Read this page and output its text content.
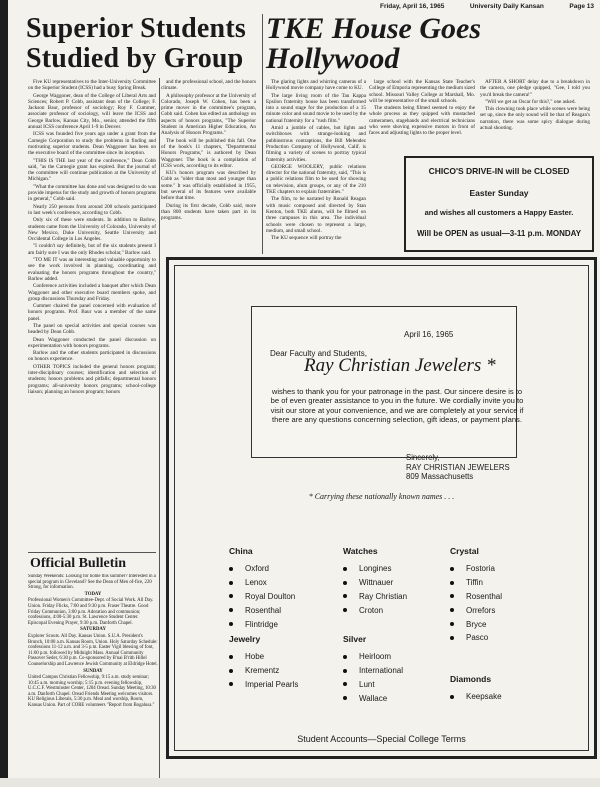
Friday, April 16, 1965	University Daily Kansan	Page 13
Superior Students
Studied by Group
TKE House Goes Hollywood

Five KU representatives to the Inter-University Committee on the Superior Student (ICSS) had a busy Spring Break.

George Waggoner, dean of the College of Liberal Arts and Sciences; Robert P. Cobb, assistant dean of the College; F. Jackson Baur, professor of sociology; Roy F. Cummer, associate professor of sociology, will leave the ICSS and George Barlow, Kansas City, Mo., senior, attended the fifth annual ICSS conference April 1-9 in Denver.

ICSS was founded five years ago under a grant from the Carnegie Corporation to study the problems in finding and motivating superior students. Dean Waggoner has been on the executive board of the committee since its inception.

"THIS IS THE last year of the conference," Dean Cobb said, "as the Carnegie grant has expired. But the journal of the committee will continue publication at the University of Michigan."

"What the committee has done and was designed to do was provide impetus for the study and growth of honors programs in general," Cobb said.

Nearly 250 persons from around 200 schools participated in last week's conference, according to Cobb.

Only six of these were students. In addition to Barlow, students came from the University of Colorado, University of New Mexico, Duke University, Seattle University and Occidental College in Los Angeles.

"I couldn't say definitely, but of the six students present I am fairly sure I was the only Rhodes scholar," Barlow said.

"TO ME IT was an interesting and valuable opportunity to see the work involved in planning, coordinating and evaluating the honors programs throughout the country," Barlow added.

Conference activities included a banquet after which Dean Waggoner and other executive board members spoke, and group discussions Thursday and Friday.

Cummer chaired the panel concerned with evaluation of honors programs. Prof. Baur was a member of the same panel.

The panel on special activities and special courses was headed by Dean Cobb.

Dean Waggoner conducted the panel discussion on experimentation with honors programs.

Barlow and the other students participated in discussions on honors experience.

OTHER TOPICS included the general honors program; inter-disciplinary courses; identification and selection of students; honors problems and pitfalls; departmental honors programs; all-university honors programs; school-college liaison; planning an honors program; honors

and the professional school, and the honors climate.

A philosophy professor at the University of Colorado, Joseph W. Cohen, has been a prime mover in the committee's program, Cobb said. Cohen has edited an anthology on aspects of honors programs, "The Superior Student in American Higher Education, An Analysis of Honors Programs."

The book will be published this fall. One of the book's 11 chapters, "Departmental Honors Programs," is authored by Dean Waggoner. The book is a compilation of ICSS work, according to its editor.

KU's honors program was described by Cobb as "older than most and younger than some." It was officially established in 1955, but several of its features were available before that time.

During its first decade, Cobb said, more than 800 students have taken part in its programs.

The glaring lights and whirring cameras of a Hollywood movie company have come to KU.

The large living room of the Tau Kappa Epsilon fraternity house has been transformed into a sound stage for the production of a 15 minute color and sound movie to be used by the national fraternity for a "rush film."

Amid a jumble of cables, hot lights and switchboxes with strange-looking and pubbinstrous contraptions, the Bill Melendez Production Company of Hollywood, Calif. is filming a variety of scenes to portray typical fraternity activities.

GEORGE WOOLERY, public relations director for the national fraternity, said, "This is a public relations film to be used for showing on television, alum groups, or any of the 210 TKE chapters to explain fraternities."

The film, to be narrated by Ronald Reagan with music composed and directed by Stan Kenton, both TKE alums, will be filmed on three campuses in this area. The individual schools were chosen to represent a large, medium, and small school.

The KU sequence will portray the

large school with the Kansas State Teacher's College of Emporia representing the medium sized school. Missouri Valley College at Marshall, Mo. will be representative of the small schools.

The students being filmed seemed to enjoy the whole process as they quipped with mustached cameramen, stagehands and electrical technicians who were shoving expensive motors in front of faces and adjusting lights to the proper level.

AFTER A SHORT delay due to a breakdown in the camera, one pledge quipped, "Gee, I told you you'd break the camera!"

"Will we get an Oscar for this?," one asked.

This clowning took place while scenes were being set up, since the only sound will be that of Reagan's narration, there was some spicy dialogue during actual shooting.

CHICO'S DRIVE-IN will be CLOSED
Easter Sunday
and wishes all customers a Happy Easter.
Will be OPEN as usual—3-11 p.m. MONDAY
Official Bulletin
Sunday Weekends: Looking for home this summer? Interested in a special program in Cleveland? See the Dean of Men of-fice, 220 Strong, for information.
TODAY
Professional Women's Committee-Dept. of Social Work. All Day. Union. Friday Flicks, 7:00 and 9:30 p.m. Fraser Theatre. Good Friday Communion, 3:00 p.m. Adoration and communion; confessions, 4:00-5:30 p.m. St. Lawrence Student Center. Episcopal Evening Prayer, 9:30 p.m. Danforth Chapel.
SATURDAY
Explorer Scouts. All Day. Kansas Union. S.U.A. President's Brunch, 10:00 a.m. Kansas Room, Union. Holy Saturday Schedule: confessions 11-12 a.m. and 3-5 p.m. Easter Vigil blessing of font, 11:00 p.m. followed by Midnight Mass. Annual Community Passover Seder, 6:30 p.m. Co-sponsored by B'nai B'rith Hillel Counselorship and Lawrence Jewish Community at Eldridge Hotel.
SUNDAY
United Campus Christian Fellowship, 9:15 a.m. study seminar; 10:45 a.m. morning worship; 5:15 p.m. evening fellowship, U.C.C.F. Westminster Center, 1204 Oread. Sunday Meeting, 10:30 a.m. Danforth Chapel. Oread Friends Meeting welcomes visitors. KU Religious Liberals, 5:30 p.m. Meal and worship, Room, Kansas Union. Part of CORE volunteers "Report from Bogalusa."
April 16, 1965
Dear Faculty and Students,
Ray Christian Jewelers *
wishes to thank you for your patronage in the past. Our sincere desire is to be of even greater assistance to you in the future. We cordially invite you to visit our store at your convenience, and we are completely at your service if there are any questions concerning selection, gift ideas, or payment plans.
Sincerely,
RAY CHRISTIAN JEWELERS
809 Massachusetts
* Carrying these nationally known names . . .
China
Oxford
Lenox
Royal Doulton
Rosenthal
Flintridge
Jewelry
Hobe
Krementz
Imperial Pearls
Watches
Longines
Wittnauer
Ray Christian
Croton
Silver
Heirloom
International
Lunt
Wallace
Crystal
Fostoria
Tiffin
Rosenthal
Orrefors
Bryce
Pasco
Diamonds
Keepsake
Student Accounts—Special College Terms
